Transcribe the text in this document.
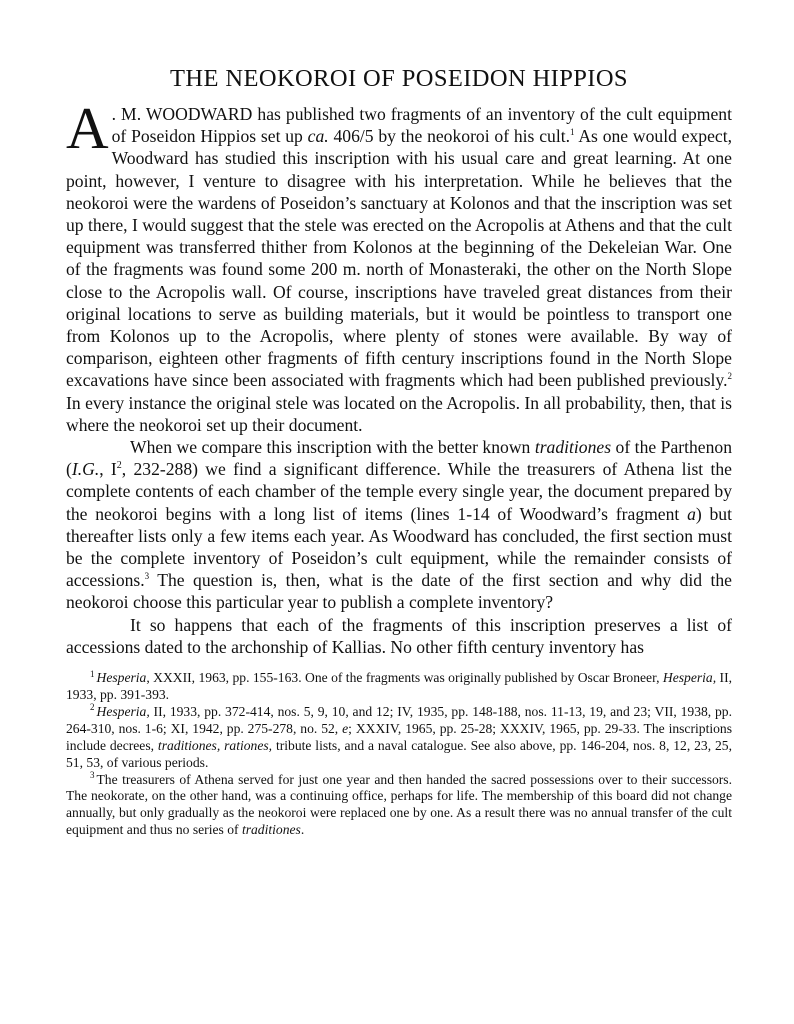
THE NEOKOROI OF POSEIDON HIPPIOS

A . M. WOODWARD has published two fragments of an inventory of the cult equipment of Poseidon Hippios set up ca. 406/5 by the neokoroi of his cult.$^1$ As one would expect, Woodward has studied this inscription with his usual care and great learning. At one point, however, I venture to disagree with his interpretation. While he believes that the neokoroi were the wardens of Poseidon’s sanctuary at Kolonos and that the inscription was set up there, I would suggest that the stele was erected on the Acropolis at Athens and that the cult equipment was transferred thither from Kolonos at the beginning of the Dekeleian War. One of the fragments was found some 200 m. north of Monasteraki, the other on the North Slope close to the Acropolis wall. Of course, inscriptions have traveled great distances from their original locations to serve as building materials, but it would be pointless to transport one from Kolonos up to the Acropolis, where plenty of stones were available. By way of comparison, eighteen other fragments of fifth century inscriptions found in the North Slope excavations have since been associated with fragments which had been published previously.$^2$ In every instance the original stele was located on the Acropolis. In all probability, then, that is where the neokoroi set up their document.

When we compare this inscription with the better known traditiones of the Parthenon (I.G., $I^2$, 232-288) we find a significant difference. While the treasurers of Athena list the complete contents of each chamber of the temple every single year, the document prepared by the neokoroi begins with a long list of items (lines 1-14 of Woodward’s fragment a) but thereafter lists only a few items each year. As Woodward has concluded, the first section must be the complete inventory of Poseidon’s cult equipment, while the remainder consists of accessions.$^3$ The question is, then, what is the date of the first section and why did the neokoroi choose this particular year to publish a complete inventory?

It so happens that each of the fragments of this inscription preserves a list of accessions dated to the archonship of Kallias. No other fifth century inventory has

$^1$ Hesperia, XXXII, 1963, pp. 155-163. One of the fragments was originally published by Oscar Broneer, Hesperia, II, 1933, pp. 391-393.

$^2$ Hesperia, II, 1933, pp. 372-414, nos. 5, 9, 10, and 12; IV, 1935, pp. 148-188, nos. 11-13, 19, and 23; VII, 1938, pp. 264-310, nos. 1-6; XI, 1942, pp. 275-278, no. 52, e; XXXIV, 1965, pp. 25-28; XXXIV, 1965, pp. 29-33. The inscriptions include decrees, traditiones, rationes, tribute lists, and a naval catalogue. See also above, pp. 146-204, nos. 8, 12, 23, 25, 51, 53, of various periods.

$^3$ The treasurers of Athena served for just one year and then handed the sacred possessions over to their successors. The neokorate, on the other hand, was a continuing office, perhaps for life. The membership of this board did not change annually, but only gradually as the neokoroi were replaced one by one. As a result there was no annual transfer of the cult equipment and thus no series of traditiones.
